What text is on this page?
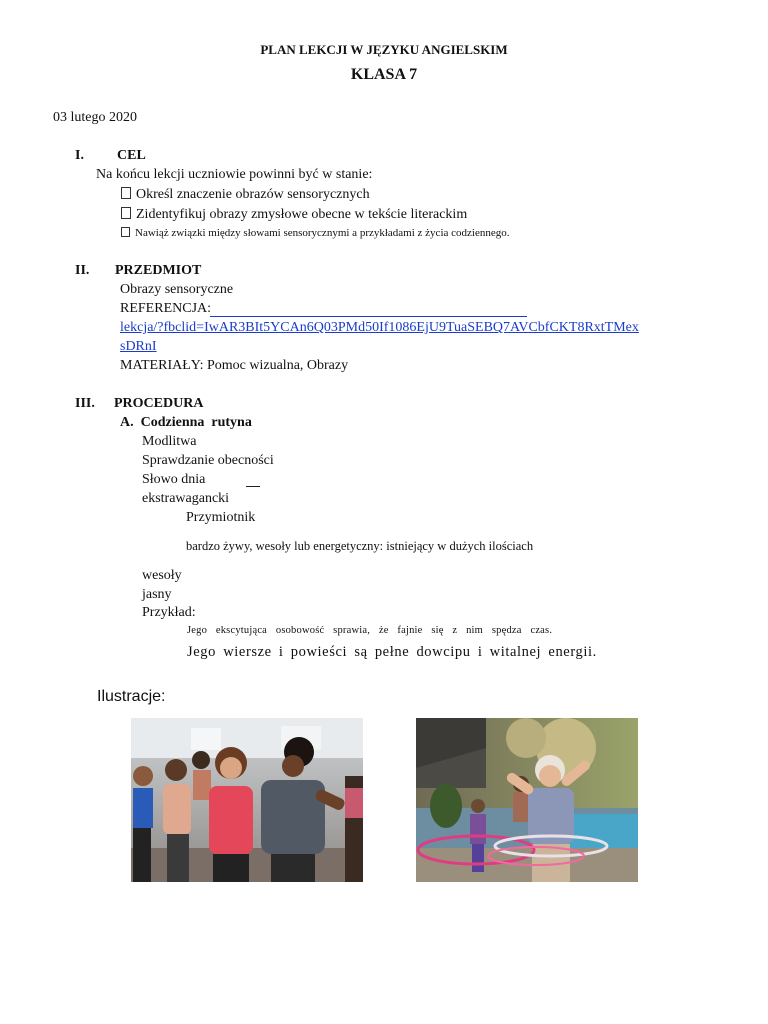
PLAN LEKCJI W JĘZYKU ANGIELSKIM
KLASA 7
03 lutego 2020
I. CEL
Na końcu lekcji uczniowie powinni być w stanie:
Określ znaczenie obrazów sensorycznych
Zidentyfikuj obrazy zmysłowe obecne w tekście literackim
Nawiąż związki między słowami sensorycznymi a przykładami z życia codziennego.
II. PRZEDMIOT
Obrazy sensoryczne
REFERENCJA:
lekcja/?fbclid=IwAR3BIt5YCAn6Q03PMd50If1086EjU9TuaSEBQ7AVCbfCKT8RxtTMex
sDRnI
MATERIAŁY: Pomoc wizualna, Obrazy
III. PROCEDURA
A.  Codzienna  rutyna
Modlitwa
Sprawdzanie obecności
Słowo dnia
ekstrawagancki
Przymiotnik
bardzo żywy, wesoły lub energetyczny: istniejący w dużych ilościach
wesoły
jasny
Przykład:
Jego ekscytująca osobowość sprawia, że fajnie się z nim spędza czas.
Jego wiersze i powieści są pełne dowcipu i witalnej energii.
Ilustracje:
